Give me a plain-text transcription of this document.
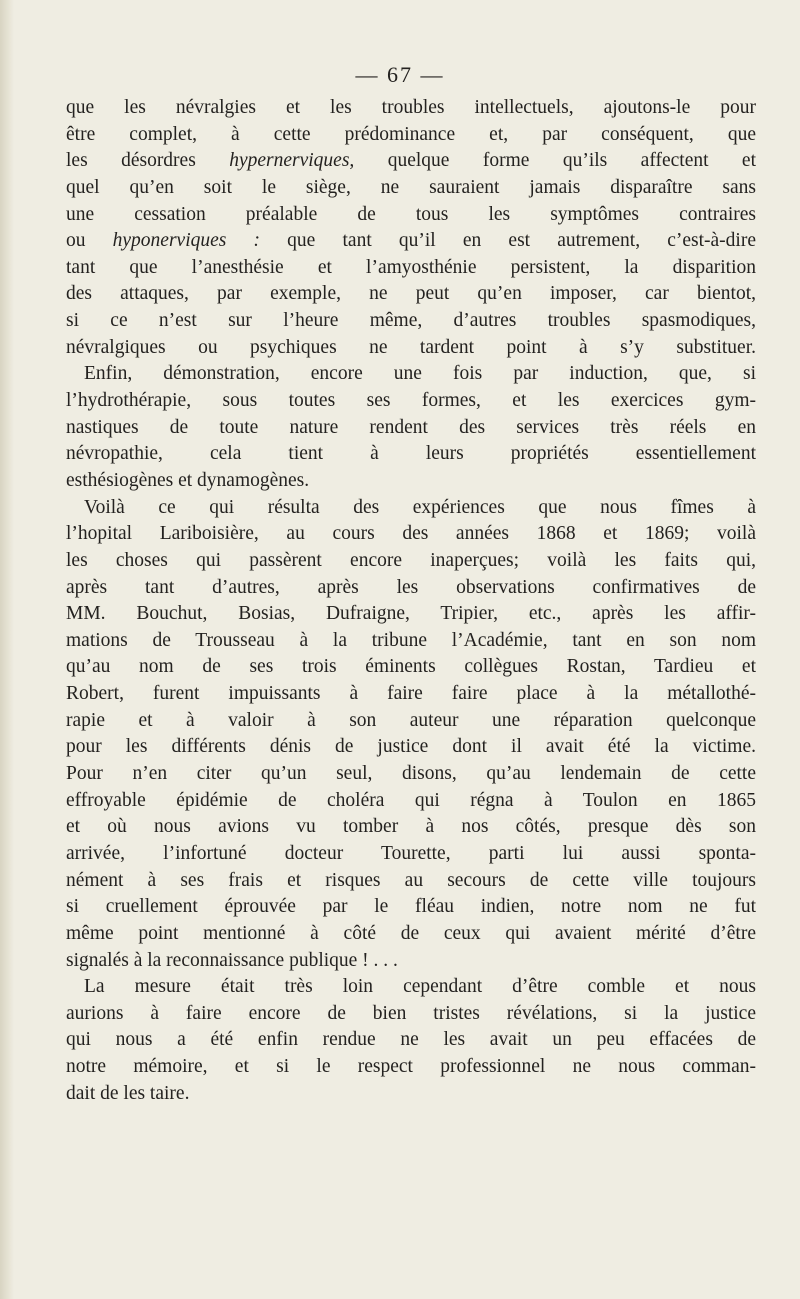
— 67 —
que les névralgies et les troubles intellectuels, ajoutons-le pour
être complet, à cette prédominance et, par conséquent, que
les désordres hypernerviques, quelque forme qu’ils affectent et
quel qu’en soit le siège, ne sauraient jamais disparaître sans
une cessation préalable de tous les symptômes contraires
ou hyponerviques : que tant qu’il en est autrement, c’est-à-dire
tant que l’anesthésie et l’amyosthénie persistent, la disparition
des attaques, par exemple, ne peut qu’en imposer, car bientot,
si ce n’est sur l’heure même, d’autres troubles spasmodiques,
névralgiques ou psychiques ne tardent point à s’y substituer.
Enfin, démonstration, encore une fois par induction, que, si
l’hydrothérapie, sous toutes ses formes, et les exercices gym-
nastiques de toute nature rendent des services très réels en
névropathie, cela tient à leurs propriétés essentiellement
esthésiogènes et dynamogènes.
Voilà ce qui résulta des expériences que nous fîmes à
l’hopital Lariboisière, au cours des années 1868 et 1869; voilà
les choses qui passèrent encore inaperçues; voilà les faits qui,
après tant d’autres, après les observations confirmatives de
MM. Bouchut, Bosias, Dufraigne, Tripier, etc., après les affir-
mations de Trousseau à la tribune l’Académie, tant en son nom
qu’au nom de ses trois éminents collègues Rostan, Tardieu et
Robert, furent impuissants à faire faire place à la métallothé-
rapie et à valoir à son auteur une réparation quelconque
pour les différents dénis de justice dont il avait été la victime.
Pour n’en citer qu’un seul, disons, qu’au lendemain de cette
effroyable épidémie de choléra qui régna à Toulon en 1865
et où nous avions vu tomber à nos côtés, presque dès son
arrivée, l’infortuné docteur Tourette, parti lui aussi sponta-
nément à ses frais et risques au secours de cette ville toujours
si cruellement éprouvée par le fléau indien, notre nom ne fut
même point mentionné à côté de ceux qui avaient mérité d’être
signalés à la reconnaissance publique ! . . .
La mesure était très loin cependant d’être comble et nous
aurions à faire encore de bien tristes révélations, si la justice
qui nous a été enfin rendue ne les avait un peu effacées de
notre mémoire, et si le respect professionnel ne nous comman-
dait de les taire.
